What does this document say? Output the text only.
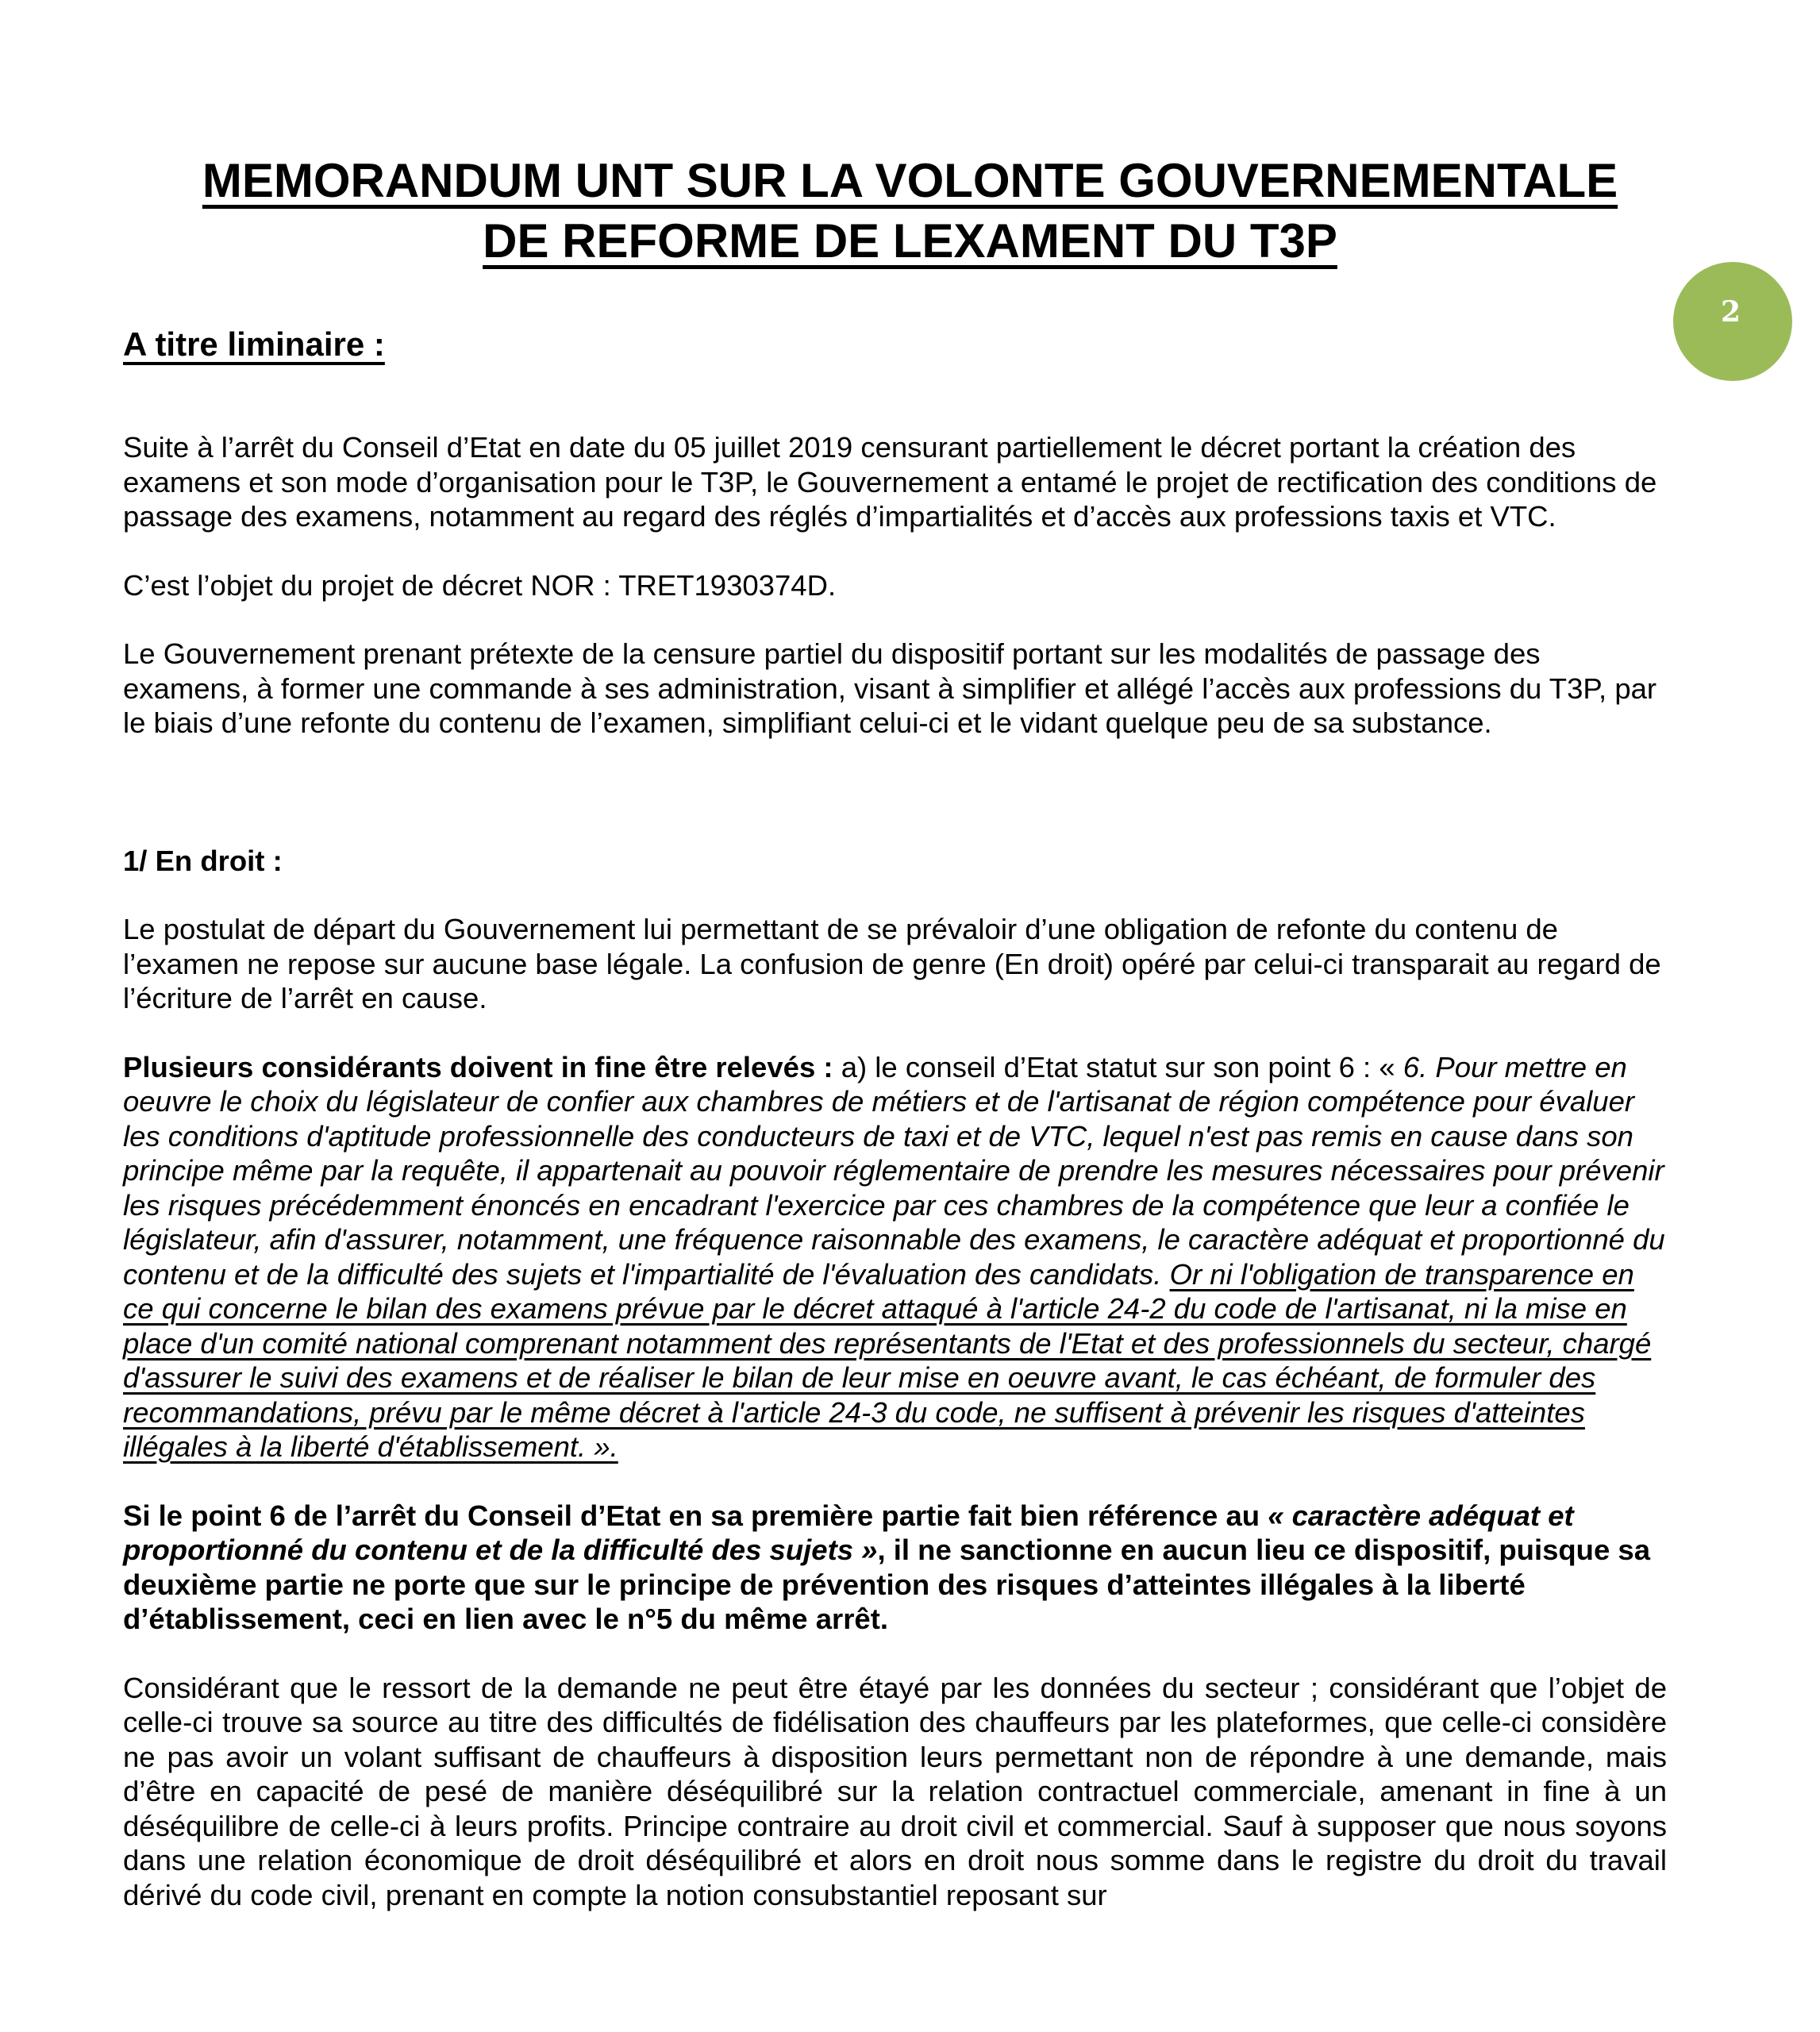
MEMORANDUM UNT SUR LA VOLONTE GOUVERNEMENTALE
DE REFORME DE LEXAMENT DU T3P
2
A titre liminaire :

Suite à l’arrêt du Conseil d’Etat en date du 05 juillet 2019 censurant partiellement le décret portant la création des examens et son mode d’organisation pour le T3P, le Gouvernement a entamé le projet de rectification des conditions de passage des examens, notamment au regard des réglés d’impartialités et d’accès aux professions taxis et VTC.

C’est l’objet du projet de décret NOR : TRET1930374D.

Le Gouvernement prenant prétexte de la censure partiel du dispositif portant sur les modalités de passage des examens, à former une commande à ses administration, visant à simplifier et allégé l’accès aux professions du T3P, par le biais d’une refonte du contenu de l’examen, simplifiant celui-ci et le vidant quelque peu de sa substance.

1/ En droit :

Le postulat de départ du Gouvernement lui permettant de se prévaloir d’une obligation de refonte du contenu de l’examen ne repose sur aucune base légale. La confusion de genre (En droit) opéré par celui-ci transparait au regard de l’écriture de l’arrêt en cause.

Plusieurs considérants doivent in fine être relevés : a) le conseil d’Etat statut sur son point 6 : « 6. Pour mettre en oeuvre le choix du législateur de confier aux chambres de métiers et de l'artisanat de région compétence pour évaluer les conditions d'aptitude professionnelle des conducteurs de taxi et de VTC, lequel n'est pas remis en cause dans son principe même par la requête, il appartenait au pouvoir réglementaire de prendre les mesures nécessaires pour prévenir les risques précédemment énoncés en encadrant l'exercice par ces chambres de la compétence que leur a confiée le législateur, afin d'assurer, notamment, une fréquence raisonnable des examens, le caractère adéquat et proportionné du contenu et de la difficulté des sujets et l'impartialité de l'évaluation des candidats. Or ni l'obligation de transparence en ce qui concerne le bilan des examens prévue par le décret attaqué à l'article 24-2 du code de l'artisanat, ni la mise en place d'un comité national comprenant notamment des représentants de l'Etat et des professionnels du secteur, chargé d'assurer le suivi des examens et de réaliser le bilan de leur mise en oeuvre avant, le cas échéant, de formuler des recommandations, prévu par le même décret à l'article 24-3 du code, ne suffisent à prévenir les risques d'atteintes illégales à la liberté d'établissement. ».

Si le point 6 de l’arrêt du Conseil d’Etat en sa première partie fait bien référence au « caractère adéquat et proportionné du contenu et de la difficulté des sujets », il ne sanctionne en aucun lieu ce dispositif, puisque sa deuxième partie ne porte que sur le principe de prévention des risques d’atteintes illégales à la liberté d’établissement, ceci en lien avec le n°5 du même arrêt.

Considérant que le ressort de la demande ne peut être étayé par les données du secteur ; considérant que l’objet de celle-ci trouve sa source au titre des difficultés de fidélisation des chauffeurs par les plateformes, que celle-ci considère ne pas avoir un volant suffisant de chauffeurs à disposition leurs permettant non de répondre à une demande, mais d’être en capacité de pesé de manière déséquilibré sur la relation contractuel commerciale, amenant in fine à un déséquilibre de celle-ci à leurs profits. Principe contraire au droit civil et commercial. Sauf à supposer que nous soyons dans une relation économique de droit déséquilibré et alors en droit nous somme dans le registre du droit du travail dérivé du code civil, prenant en compte la notion consubstantiel reposant sur
